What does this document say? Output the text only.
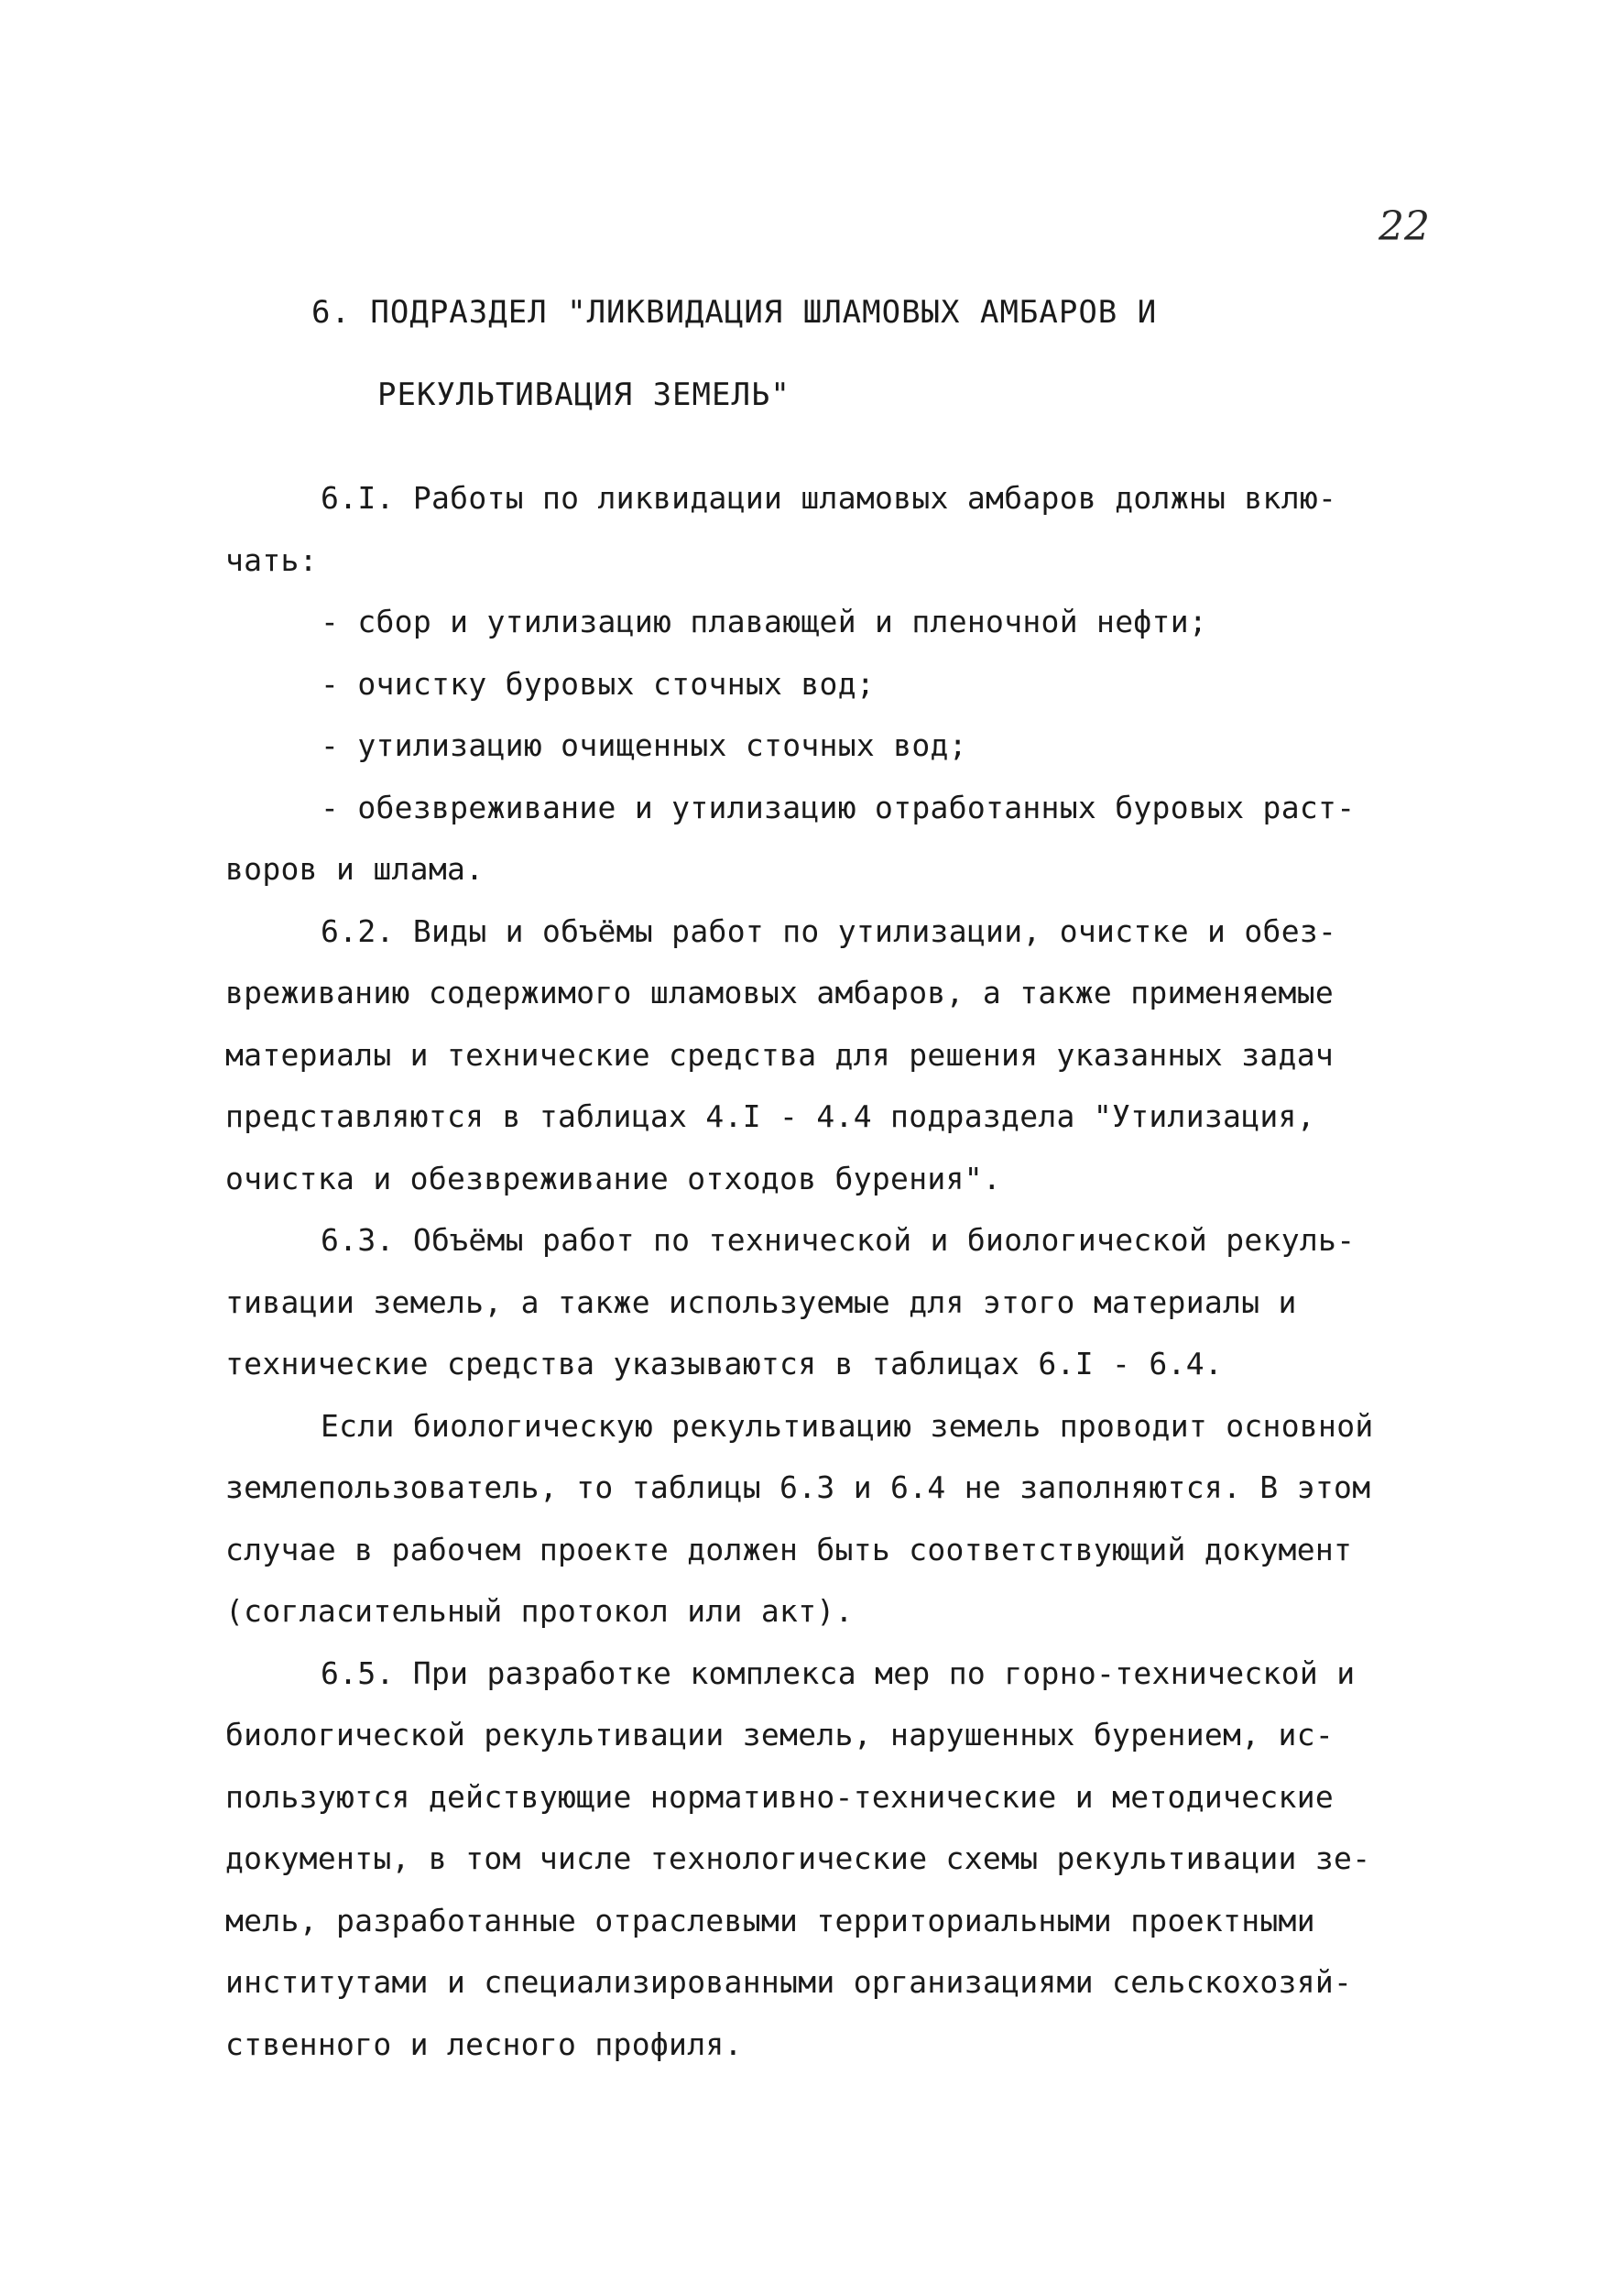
22
6. ПОДРАЗДЕЛ "ЛИКВИДАЦИЯ ШЛАМОВЫХ АМБАРОВ И
РЕКУЛЬТИВАЦИЯ ЗЕМЕЛЬ"
6.I. Работы по ликвидации шламовых амбаров должны вклю-
чать:
- сбор и утилизацию плавающей и пленочной нефти;
- очистку буровых сточных вод;
- утилизацию очищенных сточных вод;
- обезвреживание и утилизацию отработанных буровых раст-
воров и шлама.
6.2. Виды и объёмы работ по утилизации, очистке и обез-
вреживанию содержимого шламовых амбаров, а также применяемые
материалы и технические средства для решения указанных задач
представляются в таблицах 4.I - 4.4 подраздела "Утилизация,
очистка и обезвреживание отходов бурения".
6.3. Объёмы работ по технической и биологической рекуль-
тивации земель, а также используемые для этого материалы и
технические средства указываются в таблицах 6.I - 6.4.
Если биологическую рекультивацию земель проводит основной
землепользователь, то таблицы 6.3 и 6.4 не заполняются. В этом
случае в рабочем проекте должен быть соответствующий документ
(согласительный протокол или акт).
6.5. При разработке комплекса мер по горно-технической и
биологической рекультивации земель, нарушенных бурением, ис-
пользуются действующие нормативно-технические и методические
документы, в том числе технологические схемы рекультивации зе-
мель, разработанные отраслевыми территориальными проектными
институтами и специализированными организациями сельскохозяй-
ственного и лесного профиля.
